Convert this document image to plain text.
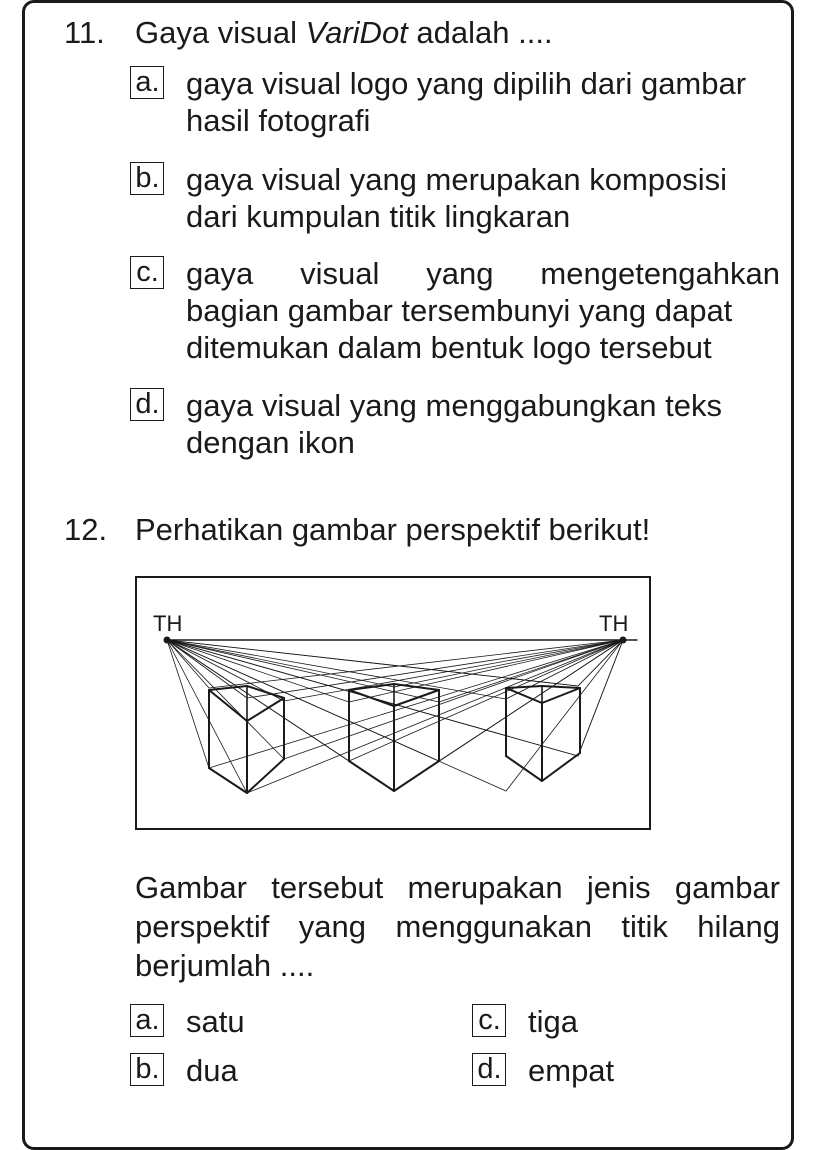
11. Gaya visual VariDot adalah ....
a. gaya visual logo yang dipilih dari gambar
hasil fotografi
b. gaya visual yang merupakan komposisi
dari kumpulan titik lingkaran
c. gaya visual yang mengetengahkan
bagian gambar tersembunyi yang dapat
ditemukan dalam bentuk logo tersebut
d. gaya visual yang menggabungkan teks
dengan ikon
12. Perhatikan gambar perspektif berikut!
TH	TH
Gambar tersebut merupakan jenis gambar
perspektif yang menggunakan titik hilang
berjumlah ....
a. satu
b. dua
c. tiga
d. empat
